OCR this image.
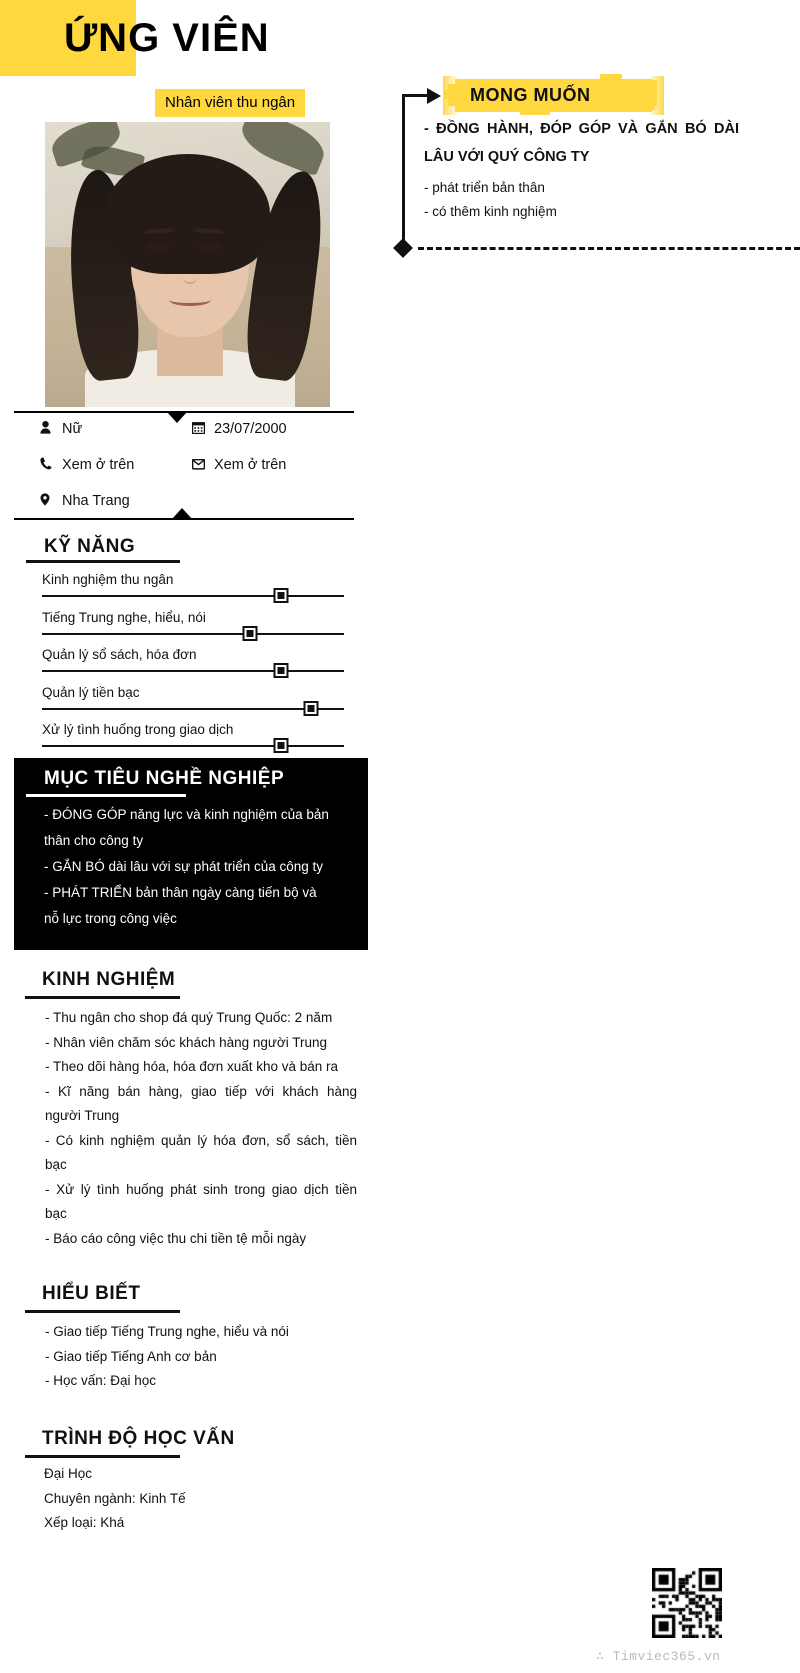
ỨNG VIÊN
Nhân viên thu ngân
Nữ	23/07/2000
Xem ở trên	Xem ở trên
Nha Trang
KỸ NĂNG
Kinh nghiệm thu ngân
Tiếng Trung nghe, hiểu, nói
Quản lý sổ sách, hóa đơn
Quản lý tiền bạc
Xử lý tình huống trong giao dịch
MỤC TIÊU NGHỀ NGHIỆP

- ĐÓNG GÓP năng lực và kinh nghiệm của bản

thân cho công ty

- GẮN BÓ dài lâu với sự phát triển của công ty

- PHÁT TRIỂN bản thân ngày càng tiến bộ và

nỗ lực trong công việc

KINH NGHIỆM

- Thu ngân cho shop đá quý Trung Quốc: 2 năm

- Nhân viên chăm sóc khách hàng người Trung

- Theo dõi hàng hóa, hóa đơn xuất kho và bán ra

- Kĩ năng bán hàng, giao tiếp với khách hàng

người Trung

- Có kinh nghiệm quản lý hóa đơn, sổ sách, tiền

bạc

- Xử lý tình huống phát sinh trong giao dịch tiền

bạc

- Báo cáo công việc thu chi tiền tệ mỗi ngày

HIỂU BIẾT

- Giao tiếp Tiếng Trung nghe, hiểu và nói

- Giao tiếp Tiếng Anh cơ bản

- Học vấn: Đại học

TRÌNH ĐỘ HỌC VẤN

Đại Học

Chuyên ngành: Kinh Tế

Xếp loại: Khá

MONG MUỐN

- ĐỒNG HÀNH, ĐÓP GÓP VÀ GẮN BÓ DÀI

LÂU VỚI QUÝ CÔNG TY

- phát triển bản thân

- có thêm kinh nghiệm

∴ Timviec365.vn
